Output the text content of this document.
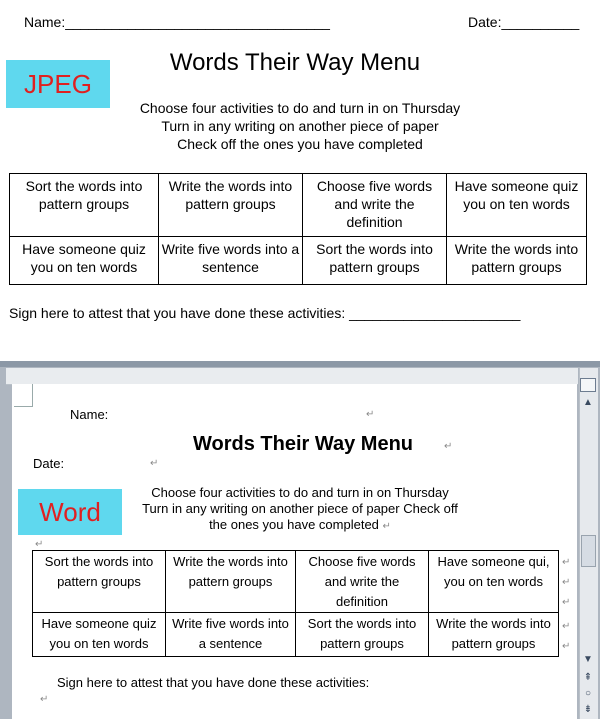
Name:__________________________________	Date:__________
Words Their Way Menu
JPEG
Choose four activities to do and turn in on Thursday
Turn in any writing on another piece of paper
Check off the ones you have completed
Sort the words into pattern groups	Write the words into pattern groups	Choose five words and write the definition	Have someone quiz you on ten words
Have someone quiz you on ten words	Write five words into a sentence	Sort the words into pattern groups	Write the words into pattern groups
Sign here to attest that you have done these activities: ______________________
▲
▼
⇞
○
⇟
Name:	↵
Words Their Way Menu	↵
Date:	↵
Word
Choose four activities to do and turn in on Thursday
Turn in any writing on another piece of paper Check off
the ones you have completed ↵
↵
Sort the words into pattern groups	Write the words into pattern groups	Choose five words and write the definition	Have someone qui, you on ten words
Have someone quiz you on ten words	Write five words into a sentence	Sort the words into pattern groups	Write the words into pattern groups
↵
↵
↵
↵
↵
Sign here to attest that you have done these activities:
↵
